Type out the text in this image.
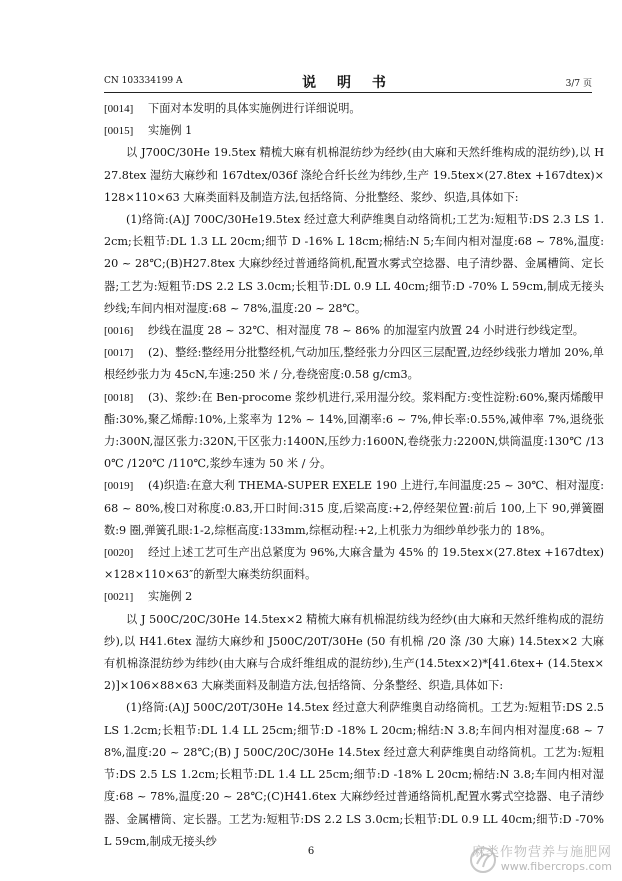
CN 103334199 A	说 明 书	3/7 页

[0014] 下面对本发明的具体实施例进行详细说明。

[0015] 实施例 1

以 J700C/30He 19.5tex 精梳大麻有机棉混纺纱为经纱(由大麻和天然纤维构成的混纺纱),以 H27.8tex 湿纺大麻纱和 167dtex/036f 涤纶合纤长丝为纬纱,生产 19.5tex×(27.8tex +167dtex)×128×110×63 大麻类面料及制造方法,包括络筒、分批整经、浆纱、织造,具体如下:

(1)络筒:(A)J 700C/30He19.5tex 经过意大利萨维奥自动络筒机;工艺为:短粗节:DS 2.3 LS 1.2cm;长粗节:DL 1.3 LL 20cm;细节 D -16% L 18cm;棉结:N 5;车间内相对湿度:68 ~ 78%,温度:20 ~ 28℃;(B)H27.8tex 大麻纱经过普通络筒机,配置水雾式空捻器、电子清纱器、金属槽筒、定长器;工艺为:短粗节:DS 2.2 LS 3.0cm;长粗节:DL 0.9 LL 40cm;细节:D -70% L 59cm,制成无接头纱线;车间内相对湿度:68 ~ 78%,温度:20 ~ 28℃。

[0016] 纱线在温度 28 ~ 32℃、相对湿度 78 ~ 86% 的加湿室内放置 24 小时进行纱线定型。

[0017] (2)、整经:整经用分批整经机,气动加压,整经张力分四区三层配置,边经纱线张力增加 20%,单根经纱张力为 45cN,车速:250 米 / 分,卷绕密度:0.58 g/cm3。

[0018] (3)、浆纱:在 Ben-procome 浆纱机进行,采用湿分绞。浆料配方:变性淀粉:60%,聚丙烯酸甲酯:30%,聚乙烯醇:10%,上浆率为 12% ~ 14%,回潮率:6 ~ 7%,伸长率:0.55%,减伸率 7%,退绕张力:300N,湿区张力:320N,干区张力:1400N,压纱力:1600N,卷绕张力:2200N,烘筒温度:130℃ /130℃ /120℃ /110℃,浆纱车速为 50 米 / 分。

[0019] (4)织造:在意大利 THEMA-SUPER EXELE 190 上进行,车间温度:25 ~ 30℃、相对湿度:68 ~ 80%,梭口对称度:0.83,开口时间:315 度,后梁高度:+2,停经架位置:前后 100,上下 90,弹簧圈数:9 圈,弹簧孔眼:1-2,综框高度:133mm,综框动程:+2,上机张力为细纱单纱张力的 18%。

[0020] 经过上述工艺可生产出总紧度为 96%,大麻含量为 45% 的 19.5tex×(27.8tex +167dtex)×128×110×63″的新型大麻类纺织面料。

[0021] 实施例 2

以 J 500C/20C/30He 14.5tex×2 精梳大麻有机棉混纺线为经纱(由大麻和天然纤维构成的混纺纱),以 H41.6tex 湿纺大麻纱和 J500C/20T/30He (50 有机棉 /20 涤 /30 大麻) 14.5tex×2 大麻有机棉涤混纺纱为纬纱(由大麻与合成纤维组成的混纺纱),生产(14.5tex×2)*[41.6tex+ (14.5tex×2)]×106×88×63 大麻类面料及制造方法,包括络筒、分条整经、织造,具体如下:

(1)络筒:(A)J 500C/20T/30He 14.5tex 经过意大利萨维奥自动络筒机。工艺为:短粗节:DS 2.5 LS 1.2cm;长粗节:DL 1.4 LL 25cm;细节:D -18% L 20cm;棉结:N 3.8;车间内相对湿度:68 ~ 78%,温度:20 ~ 28℃;(B) J 500C/20C/30He 14.5tex 经过意大利萨维奥自动络筒机。工艺为:短粗节:DS 2.5 LS 1.2cm;长粗节:DL 1.4 LL 25cm;细节:D -18% L 20cm;棉结:N 3.8;车间内相对湿度:68 ~ 78%,温度:20 ~ 28℃;(C)H41.6tex 大麻纱经过普通络筒机,配置水雾式空捻器、电子清纱器、金属槽筒、定长器。工艺为:短粗节:DS 2.2 LS 3.0cm;长粗节:DL 0.9 LL 40cm;细节:D -70% L 59cm,制成无接头纱

6	麻类作物营养与施肥网
www.fibercrops.com
